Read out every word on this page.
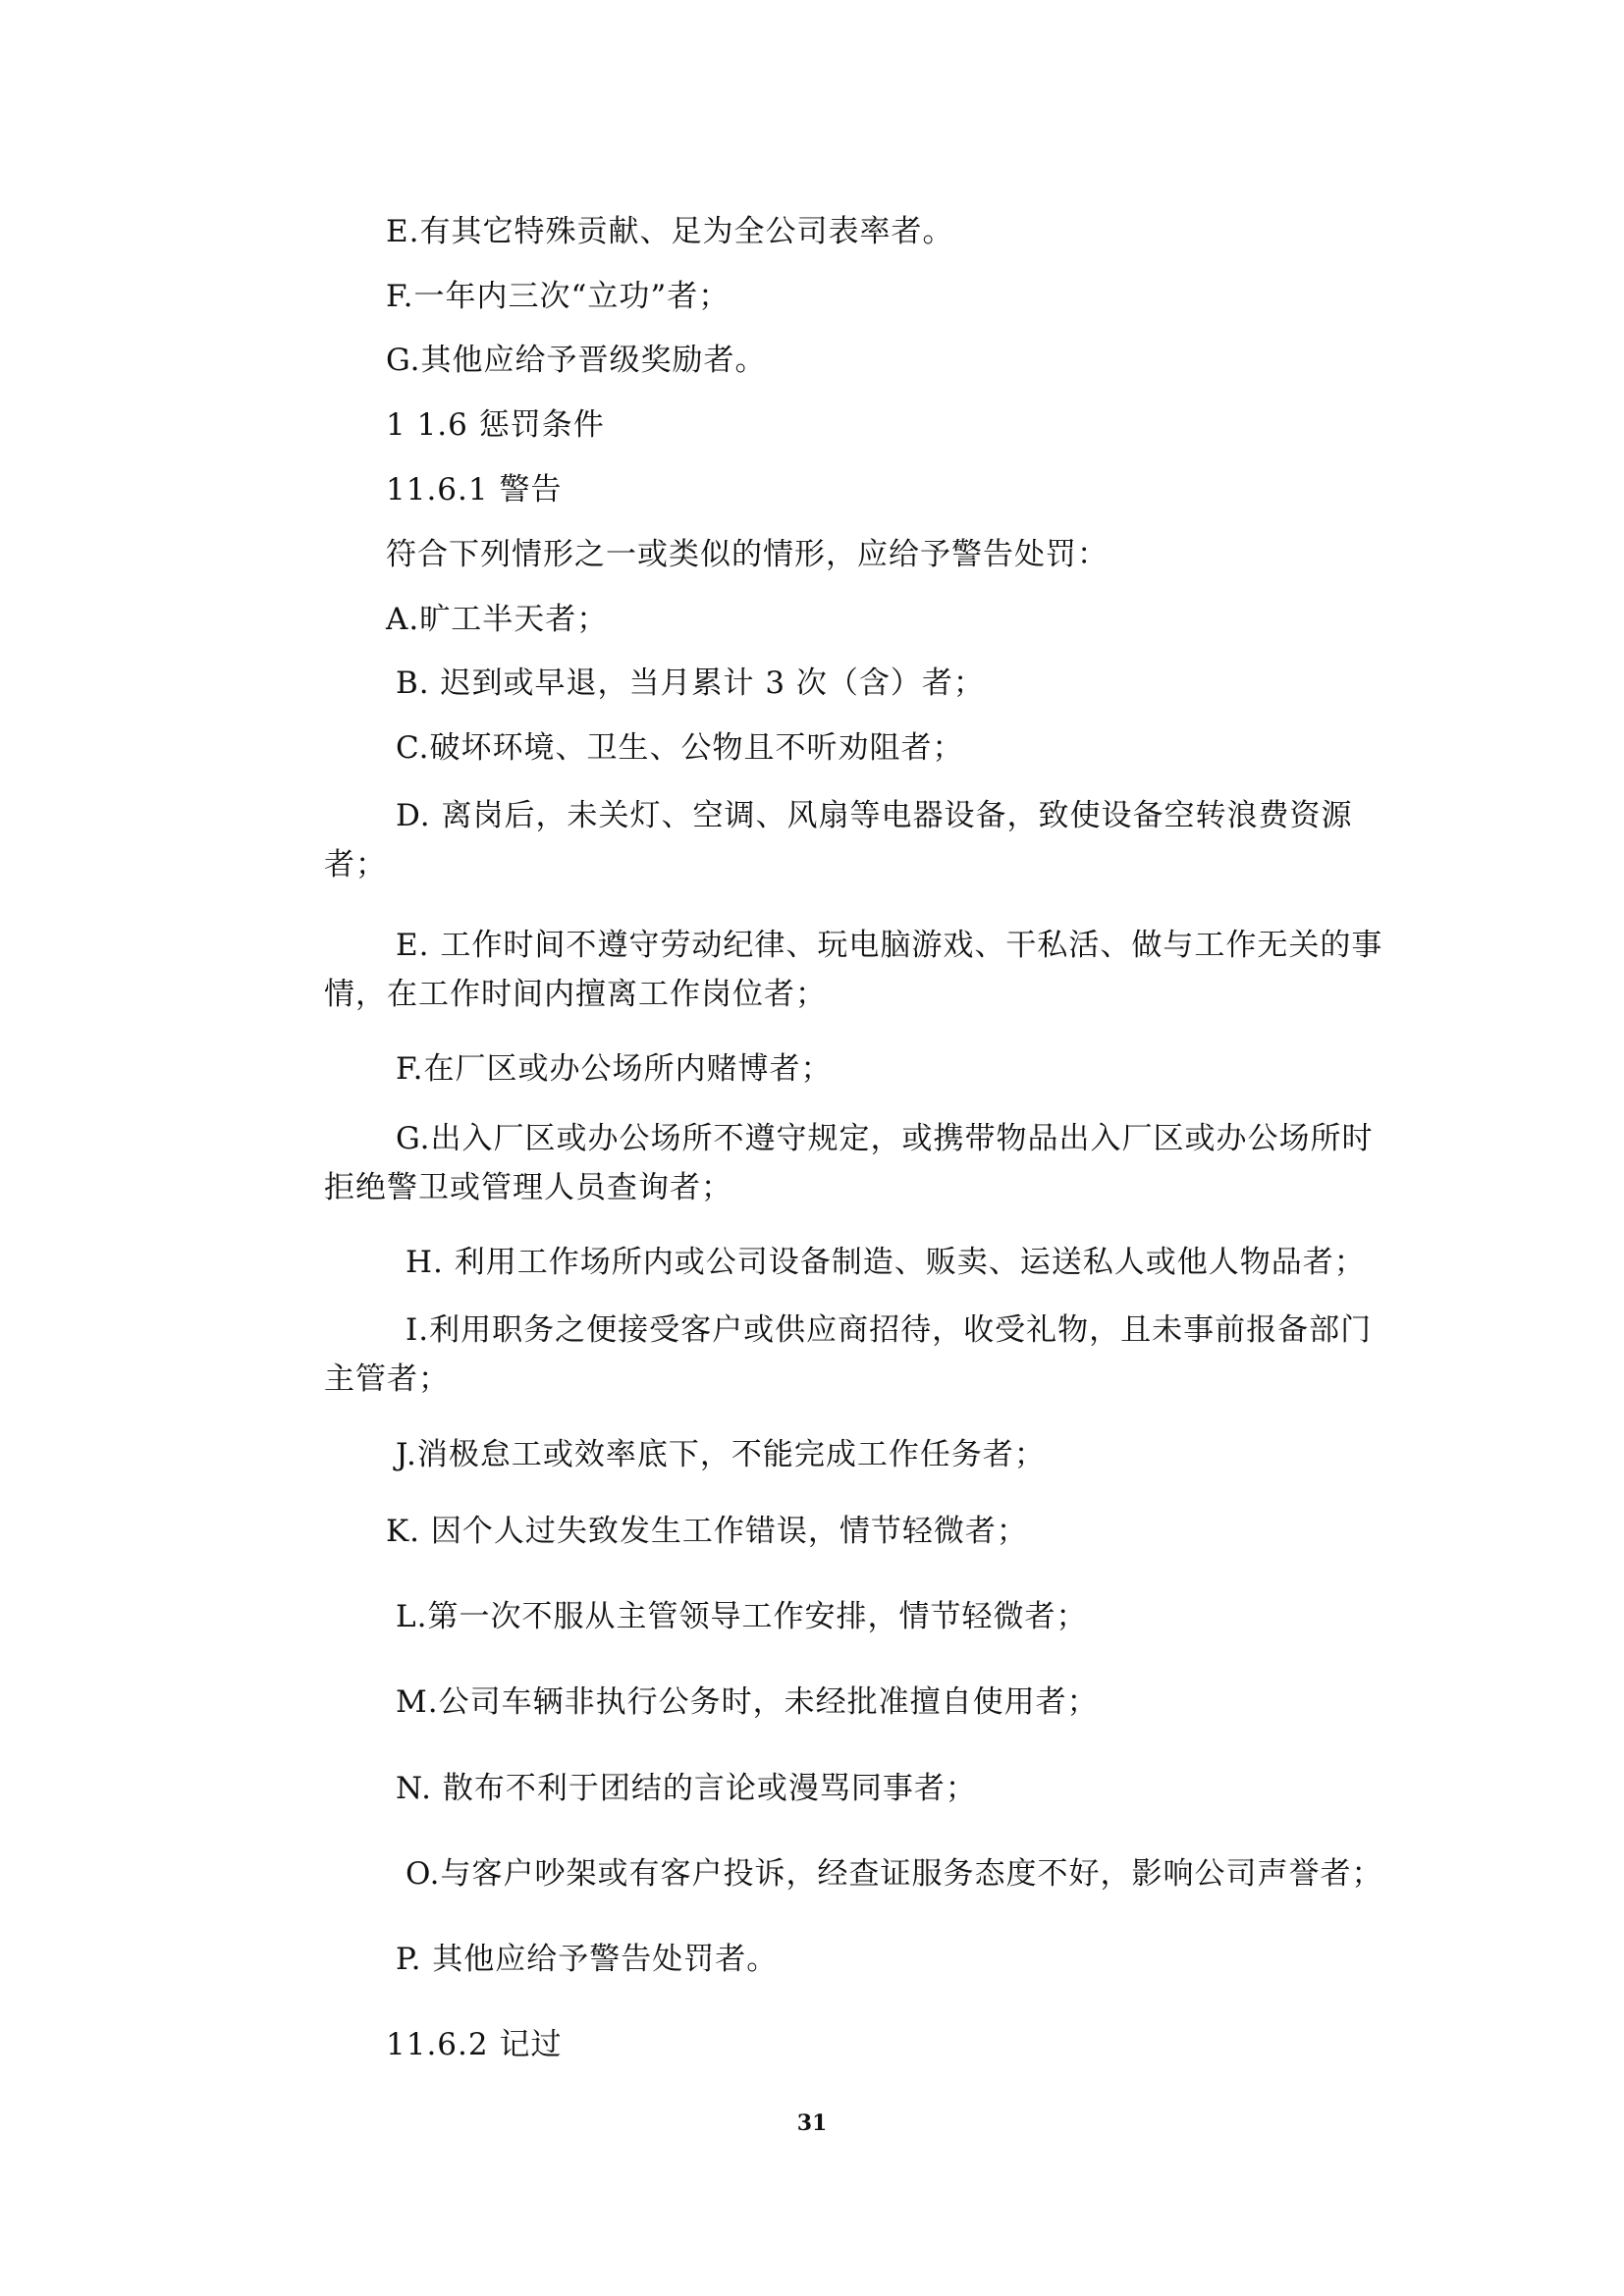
E.有其它特殊贡献、足为全公司表率者。
F.一年内三次“立功”者；
G.其他应给予晋级奖励者。
1 1.6 惩罚条件
11.6.1 警告
符合下列情形之一或类似的情形，应给予警告处罚：
A.旷工半天者；
B. 迟到或早退，当月累计 3 次（含）者；
C.破坏环境、卫生、公物且不听劝阻者；
D. 离岗后，未关灯、空调、风扇等电器设备，致使设备空转浪费资源者；
E. 工作时间不遵守劳动纪律、玩电脑游戏、干私活、做与工作无关的事情，在工作时间内擅离工作岗位者；
F.在厂区或办公场所内赌博者；
G.出入厂区或办公场所不遵守规定，或携带物品出入厂区或办公场所时拒绝警卫或管理人员查询者；
H. 利用工作场所内或公司设备制造、贩卖、运送私人或他人物品者；
I.利用职务之便接受客户或供应商招待，收受礼物，且未事前报备部门主管者；
J.消极怠工或效率底下，不能完成工作任务者；
K. 因个人过失致发生工作错误，情节轻微者；
L.第一次不服从主管领导工作安排，情节轻微者；
M.公司车辆非执行公务时，未经批准擅自使用者；
N. 散布不利于团结的言论或漫骂同事者；
O.与客户吵架或有客户投诉，经查证服务态度不好，影响公司声誉者；
P. 其他应给予警告处罚者。
11.6.2 记过
31
